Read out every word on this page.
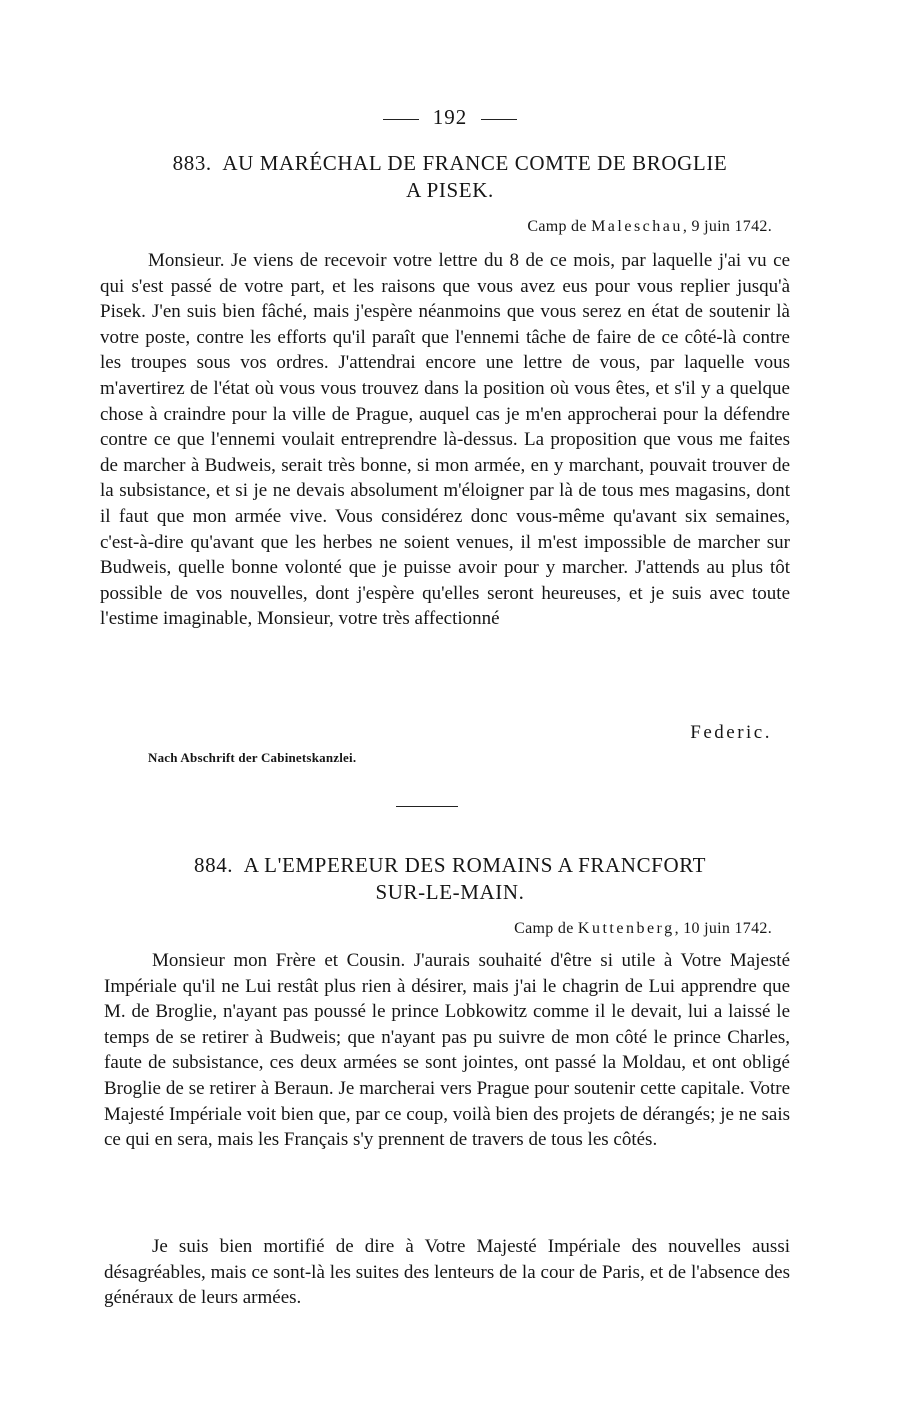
192
883. AU MARÉCHAL DE FRANCE COMTE DE BROGLIE
A PISEK.
Camp de Maleschau, 9 juin 1742.

Monsieur. Je viens de recevoir votre lettre du 8 de ce mois, par laquelle j'ai vu ce qui s'est passé de votre part, et les raisons que vous avez eus pour vous replier jusqu'à Pisek. J'en suis bien fâché, mais j'espère néanmoins que vous serez en état de soutenir là votre poste, contre les efforts qu'il paraît que l'ennemi tâche de faire de ce côté-là contre les troupes sous vos ordres. J'attendrai encore une lettre de vous, par laquelle vous m'avertirez de l'état où vous vous trouvez dans la position où vous êtes, et s'il y a quelque chose à craindre pour la ville de Prague, auquel cas je m'en approcherai pour la défendre contre ce que l'ennemi voulait entreprendre là-dessus. La proposition que vous me faites de marcher à Budweis, serait très bonne, si mon armée, en y marchant, pouvait trouver de la subsistance, et si je ne devais absolument m'éloigner par là de tous mes magasins, dont il faut que mon armée vive. Vous considérez donc vous-même qu'avant six semaines, c'est-à-dire qu'avant que les herbes ne soient venues, il m'est impossible de marcher sur Budweis, quelle bonne volonté que je puisse avoir pour y marcher. J'attends au plus tôt possible de vos nouvelles, dont j'espère qu'elles seront heureuses, et je suis avec toute l'estime imaginable, Monsieur, votre très affectionné

Federic.
Nach Abschrift der Cabinetskanzlei.
884. A L'EMPEREUR DES ROMAINS A FRANCFORT
SUR-LE-MAIN.
Camp de Kuttenberg, 10 juin 1742.

Monsieur mon Frère et Cousin. J'aurais souhaité d'être si utile à Votre Majesté Impériale qu'il ne Lui restât plus rien à désirer, mais j'ai le chagrin de Lui apprendre que M. de Broglie, n'ayant pas poussé le prince Lobkowitz comme il le devait, lui a laissé le temps de se retirer à Budweis; que n'ayant pas pu suivre de mon côté le prince Charles, faute de subsistance, ces deux armées se sont jointes, ont passé la Moldau, et ont obligé Broglie de se retirer à Beraun. Je marcherai vers Prague pour soutenir cette capitale. Votre Majesté Impériale voit bien que, par ce coup, voilà bien des projets de dérangés; je ne sais ce qui en sera, mais les Français s'y prennent de travers de tous les côtés.

Je suis bien mortifié de dire à Votre Majesté Impériale des nouvelles aussi désagréables, mais ce sont-là les suites des lenteurs de la cour de Paris, et de l'absence des généraux de leurs armées.
